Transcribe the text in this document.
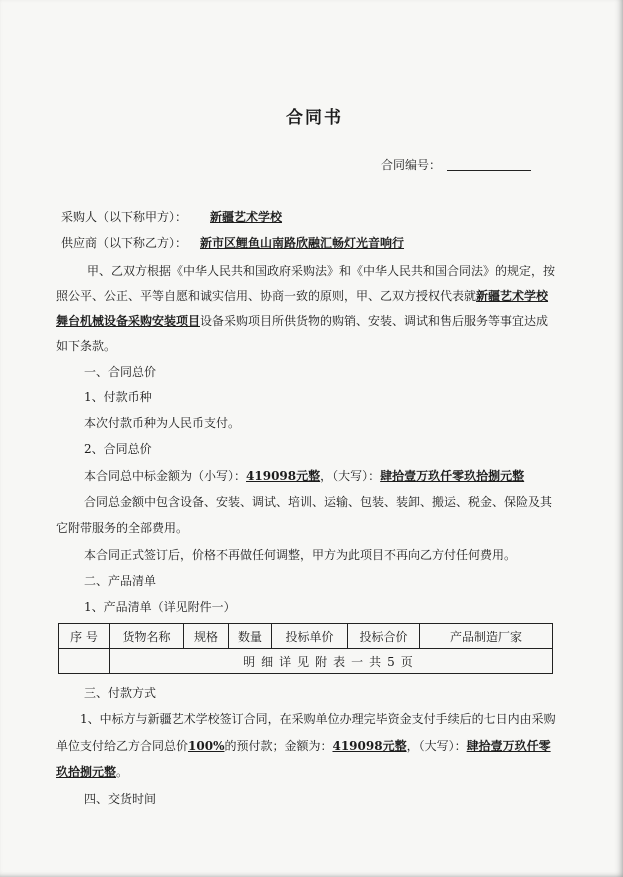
合同书
合同编号：
采购人（以下称甲方）： 新疆艺术学校
供应商（以下称乙方）： 新市区鲤鱼山南路欣融汇畅灯光音响行
甲、乙双方根据《中华人民共和国政府采购法》和《中华人民共和国合同法》的规定，按
照公平、公正、平等自愿和诚实信用、协商一致的原则，甲、乙双方授权代表就新疆艺术学校
舞台机械设备采购安装项目设备采购项目所供货物的购销、安装、调试和售后服务等事宜达成
如下条款。
一、合同总价
1、付款币种
本次付款币种为人民币支付。
2、合同总价
本合同总中标金额为（小写）：419098元整，（大写）：肆拾壹万玖仟零玖拾捌元整
合同总金额中包含设备、安装、调试、培训、运输、包装、装卸、搬运、税金、保险及其
它附带服务的全部费用。
本合同正式签订后，价格不再做任何调整，甲方为此项目不再向乙方付任何费用。
二、产品清单
1、产品清单（详见附件一）
序 号	货物名称	规格	数量	投标单价	投标合价	产品制造厂家
	明细详见附表一共5页					
三、付款方式
1、中标方与新疆艺术学校签订合同，在采购单位办理完毕资金支付手续后的七日内由采购
单位支付给乙方合同总价100%的预付款；金额为：419098元整，（大写）：肆拾壹万玖仟零
玖拾捌元整。
四、交货时间
